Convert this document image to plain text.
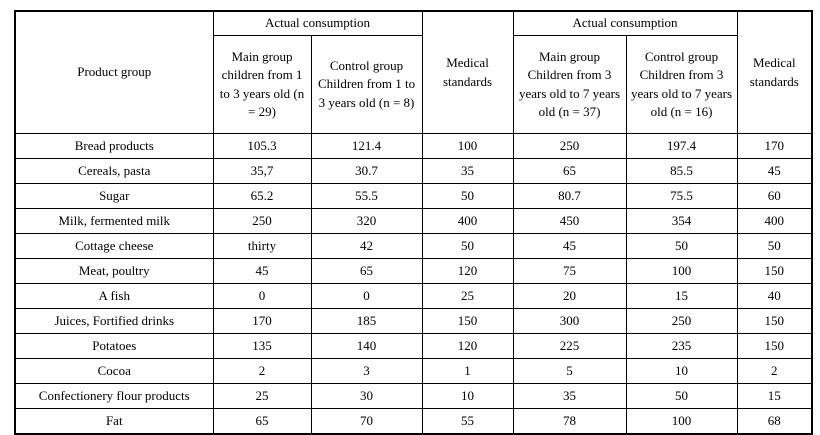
Product group	Actual consumption		Medical standards	Actual consumption		Medical standards
	Main group children from 1 to 3 years old (n = 29)	Control group Children from 1 to 3 years old (n = 8)		Main group Children from 3 years old to 7 years old (n = 37)	Control group Children from 3 years old to 7 years old (n = 16)	
Bread products	105.3	121.4	100	250	197.4	170
Cereals, pasta	35,7	30.7	35	65	85.5	45
Sugar	65.2	55.5	50	80.7	75.5	60
Milk, fermented milk	250	320	400	450	354	400
Cottage cheese	thirty	42	50	45	50	50
Meat, poultry	45	65	120	75	100	150
A fish	0	0	25	20	15	40
Juices, Fortified drinks	170	185	150	300	250	150
Potatoes	135	140	120	225	235	150
Cocoa	2	3	1	5	10	2
Confectionery flour products	25	30	10	35	50	15
Fat	65	70	55	78	100	68
